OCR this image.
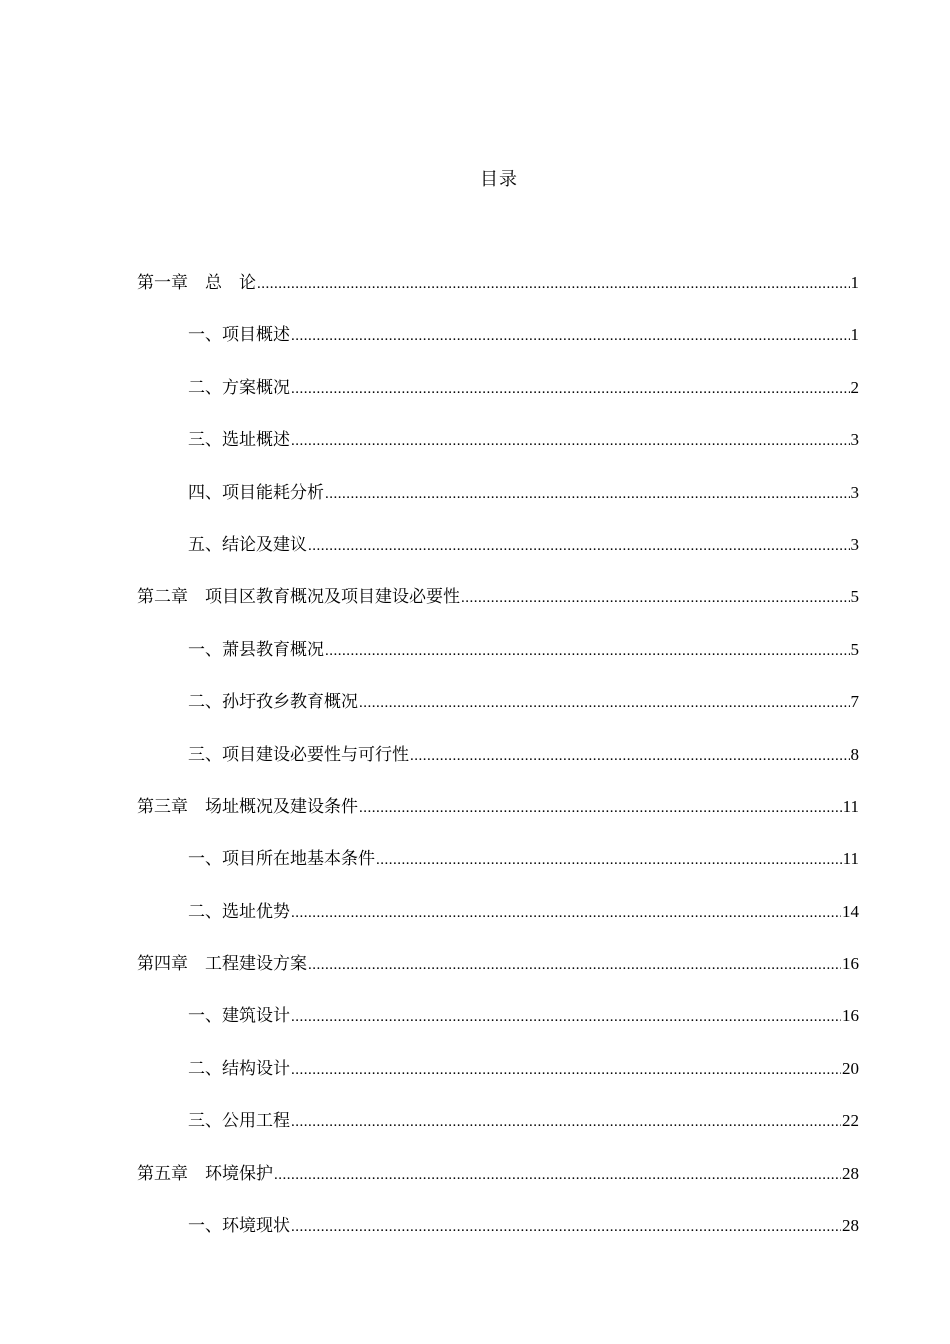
目录
第一章　总　论 .....	1
一、项目概述 .....	1
二、方案概况 .....	2
三、选址概述 .....	3
四、项目能耗分析 .....	3
五、结论及建议 .....	3
第二章　项目区教育概况及项目建设必要性 .....	5
一、萧县教育概况 .....	5
二、孙圩孜乡教育概况 .....	7
三、项目建设必要性与可行性 .....	8
第三章　场址概况及建设条件 .....	11
一、项目所在地基本条件 .....	11
二、选址优势 .....	14
第四章　工程建设方案 .....	16
一、建筑设计 .....	16
二、结构设计 .....	20
三、公用工程 .....	22
第五章　环境保护 .....	28
一、环境现状 .....	28
